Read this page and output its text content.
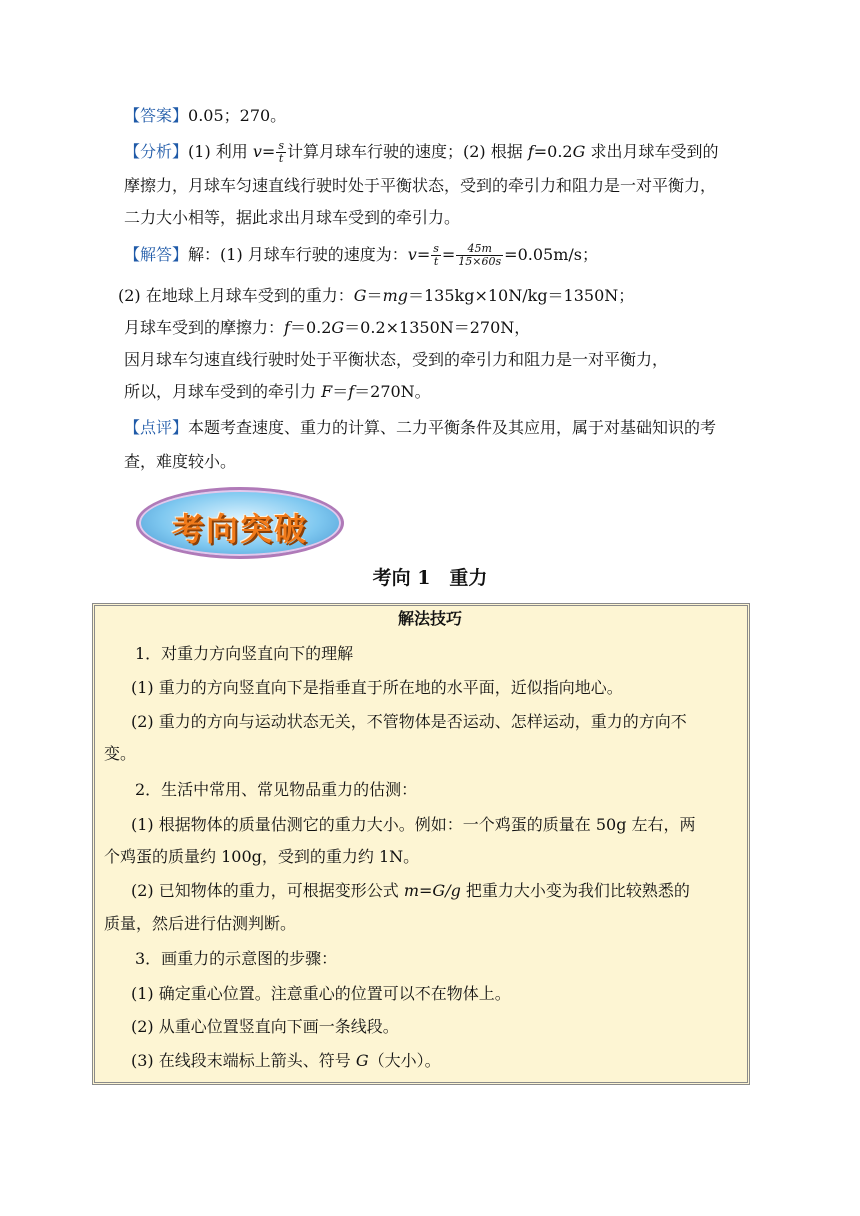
【答案】0.05；270。
【分析】(1) 利用 $v= \frac{s}{t}$ 计算月球车行驶的速度；(2) 根据 f=0.2G 求出月球车受到的
摩擦力，月球车匀速直线行驶时处于平衡状态，受到的牵引力和阻力是一对平衡力，
二力大小相等，据此求出月球车受到的牵引力。
【解答】解：(1) 月球车行驶的速度为：$v= \frac{s}{t} = \frac{45m}{15\times 60s} =0.05m/s$；
(2) 在地球上月球车受到的重力：G＝mg＝135kg×10N/kg＝1350N；
月球车受到的摩擦力：f＝0.2G＝0.2×1350N＝270N，
因月球车匀速直线行驶时处于平衡状态，受到的牵引力和阻力是一对平衡力，
所以，月球车受到的牵引力 F＝f＝270N。
【点评】本题考查速度、重力的计算、二力平衡条件及其应用，属于对基础知识的考
查，难度较小。
考向突破
考向 1　重力
解法技巧
1．对重力方向竖直向下的理解
(1) 重力的方向竖直向下是指垂直于所在地的水平面，近似指向地心。
(2) 重力的方向与运动状态无关，不管物体是否运动、怎样运动，重力的方向不
变。
2．生活中常用、常见物品重力的估测：
(1) 根据物体的质量估测它的重力大小。例如：一个鸡蛋的质量在 50g 左右，两
个鸡蛋的质量约 100g，受到的重力约 1N。
(2) 已知物体的重力，可根据变形公式 m=G/g 把重力大小变为我们比较熟悉的
质量，然后进行估测判断。
3．画重力的示意图的步骤：
(1) 确定重心位置。注意重心的位置可以不在物体上。
(2) 从重心位置竖直向下画一条线段。
(3) 在线段末端标上箭头、符号 G（大小）。
